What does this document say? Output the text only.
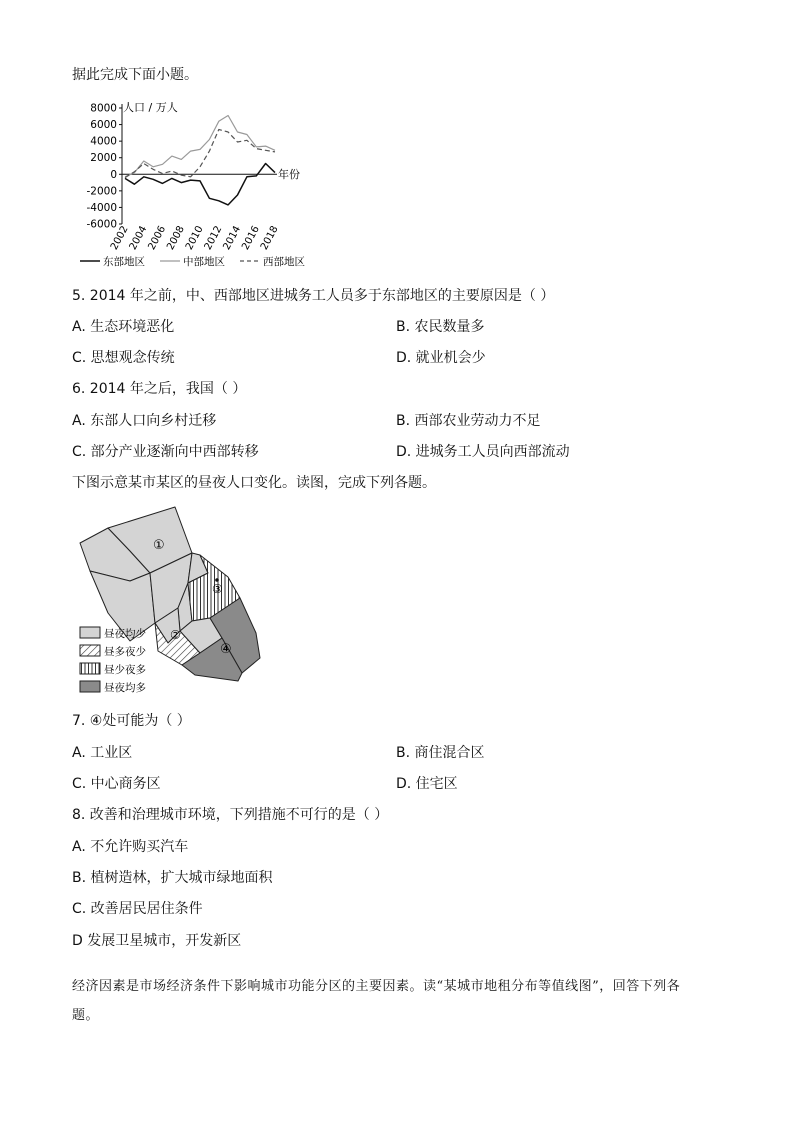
据此完成下面小题。
8000
6000
4000
2000
0
-2000
-4000
-6000
2002
2004
2006
2008
2010
2012
2014
2016
2018
人口 / 万人
年份
东部地区	中部地区	西部地区
5. 2014 年之前，中、西部地区进城务工人员多于东部地区的主要原因是（ ）
A. 生态环境恶化	B. 农民数量多
C. 思想观念传统	D. 就业机会少
6. 2014 年之后，我国（ ）
A. 东部人口向乡村迁移	B. 西部农业劳动力不足
C. 部分产业逐渐向中西部转移	D. 进城务工人员向西部流动
下图示意某市某区的昼夜人口变化。读图，完成下列各题。
①
②
③
④
昼夜均少
昼多夜少
昼少夜多
昼夜均多
7. ④处可能为（ ）
A. 工业区	B. 商住混合区
C. 中心商务区	D. 住宅区
8. 改善和治理城市环境，下列措施不可行的是（ ）
A. 不允许购买汽车
B. 植树造林，扩大城市绿地面积
C. 改善居民居住条件
D 发展卫星城市，开发新区
经济因素是市场经济条件下影响城市功能分区的主要因素。读“某城市地租分布等值线图”，回答下列各
题。
